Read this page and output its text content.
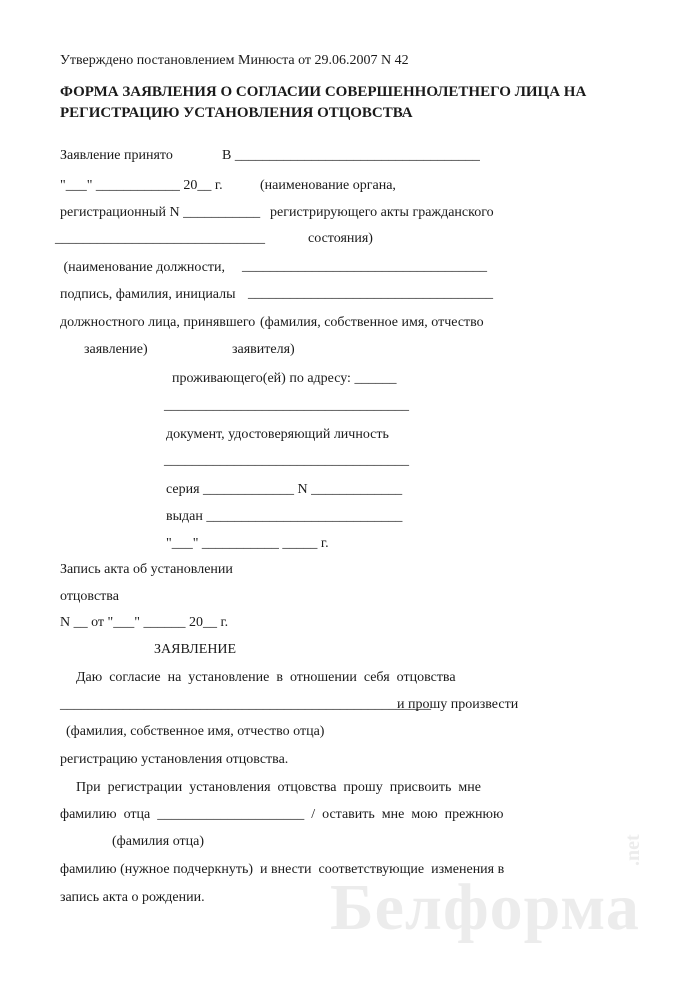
Белформа
.net
Утверждено постановлением Минюста от 29.06.2007 N 42
ФОРМА ЗАЯВЛЕНИЯ О СОГЛАСИИ СОВЕРШЕННОЛЕТНЕГО ЛИЦА НА
РЕГИСТРАЦИЮ УСТАНОВЛЕНИЯ ОТЦОВСТВА
Заявление принято	В ___________________________________
"___" ____________ 20__ г.	(наименование органа,
регистрационный N ___________ регистрирующего акты гражданского
______________________________	состояния)
(наименование должности, ___________________________________
подпись, фамилия, инициалы ___________________________________
должностного лица, принявшего (фамилия, собственное имя, отчество
заявление)	заявителя)
проживающего(ей) по адресу: ______
___________________________________
документ, удостоверяющий личность
___________________________________
серия _____________ N _____________
выдан ____________________________
"___" ___________ _____ г.
Запись акта об установлении
отцовства
N __ от "___" ______ 20__ г.
ЗАЯВЛЕНИЕ
Даю  согласие  на  установление  в  отношении  себя  отцовства
_____________________________________________________
и прошу произвести
(фамилия, собственное имя, отчество отца)
регистрацию установления отцовства.
При  регистрации  установления  отцовства  прошу  присвоить  мне
фамилию  отца  _____________________  /  оставить  мне  мою  прежнюю
(фамилия отца)
фамилию (нужное подчеркнуть)  и внести  соответствующие  изменения в
запись акта о рождении.
